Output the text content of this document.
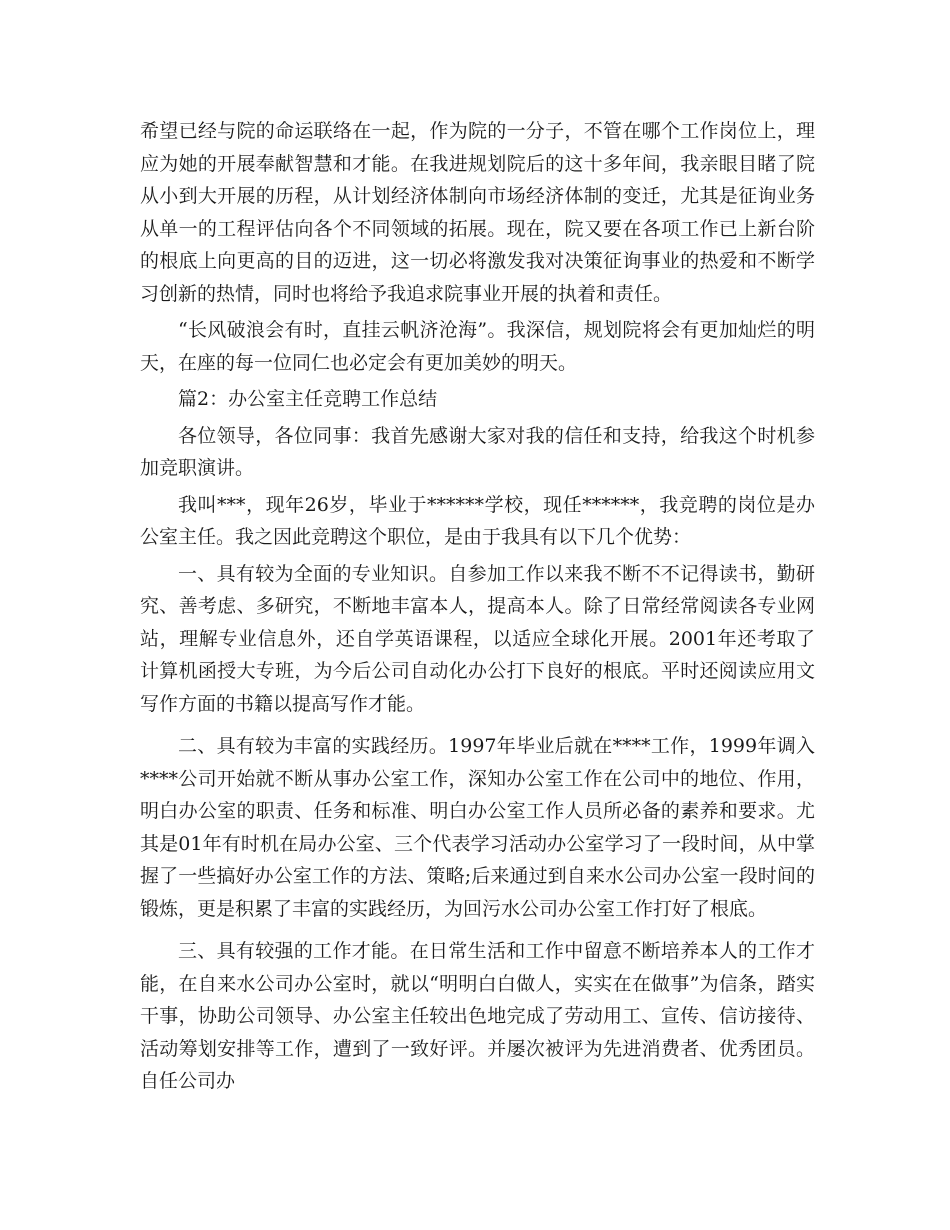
希望已经与院的命运联络在一起，作为院的一分子，不管在哪个工作岗位上，理应为她的开展奉献智慧和才能。在我进规划院后的这十多年间，我亲眼目睹了院从小到大开展的历程，从计划经济体制向市场经济体制的变迁，尤其是征询业务从单一的工程评估向各个不同领域的拓展。现在，院又要在各项工作已上新台阶的根底上向更高的目的迈进，这一切必将激发我对决策征询事业的热爱和不断学习创新的热情，同时也将给予我追求院事业开展的执着和责任。

“长风破浪会有时，直挂云帆济沧海”。我深信，规划院将会有更加灿烂的明天，在座的每一位同仁也必定会有更加美妙的明天。

篇2：办公室主任竞聘工作总结

各位领导，各位同事：我首先感谢大家对我的信任和支持，给我这个时机参加竞职演讲。

我叫***，现年26岁，毕业于******学校，现任******，我竞聘的岗位是办公室主任。我之因此竞聘这个职位，是由于我具有以下几个优势：

一、具有较为全面的专业知识。自参加工作以来我不断不不记得读书，勤研究、善考虑、多研究，不断地丰富本人，提高本人。除了日常经常阅读各专业网站，理解专业信息外，还自学英语课程，以适应全球化开展。2001年还考取了计算机函授大专班，为今后公司自动化办公打下良好的根底。平时还阅读应用文写作方面的书籍以提高写作才能。

二、具有较为丰富的实践经历。1997年毕业后就在****工作，1999年调入****公司开始就不断从事办公室工作，深知办公室工作在公司中的地位、作用，明白办公室的职责、任务和标准、明白办公室工作人员所必备的素养和要求。尤其是01年有时机在局办公室、三个代表学习活动办公室学习了一段时间，从中掌握了一些搞好办公室工作的方法、策略;后来通过到自来水公司办公室一段时间的锻炼，更是积累了丰富的实践经历，为回污水公司办公室工作打好了根底。

三、具有较强的工作才能。在日常生活和工作中留意不断培养本人的工作才能，在自来水公司办公室时，就以“明明白白做人，实实在在做事”为信条，踏实干事，协助公司领导、办公室主任较出色地完成了劳动用工、宣传、信访接待、活动筹划安排等工作，遭到了一致好评。并屡次被评为先进消费者、优秀团员。自任公司办
